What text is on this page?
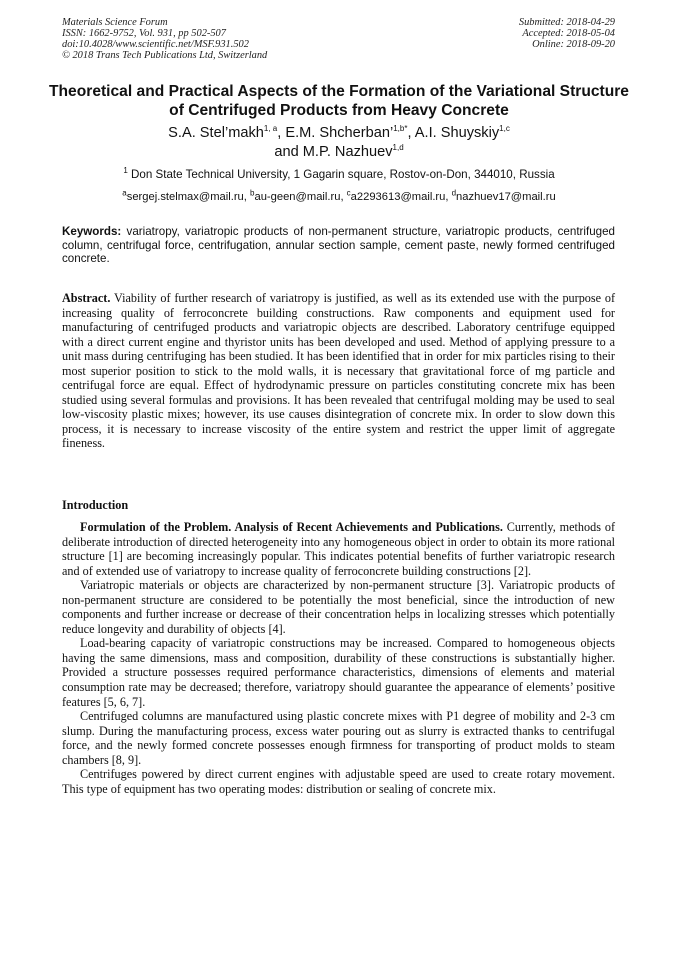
Materials Science Forum
ISSN: 1662-9752, Vol. 931, pp 502-507
doi:10.4028/www.scientific.net/MSF.931.502
© 2018 Trans Tech Publications Ltd, Switzerland
Submitted: 2018-04-29
Accepted: 2018-05-04
Online: 2018-09-20
Theoretical and Practical Aspects of the Formation of the Variational Structure of Centrifuged Products from Heavy Concrete
S.A. Stel’makh$^{1, a}$, E.M. Shcherban’$^{1,b*}$, A.I. Shuyskiy$^{1,c}$
and M.P. Nazhuev$^{1,d}$
$^1$ Don State Technical University, 1 Gagarin square, Rostov-on-Don, 344010, Russia
$^a$sergej.stelmax@mail.ru, $^b$au-geen@mail.ru, $^c$a2293613@mail.ru, $^d$nazhuev17@mail.ru
Keywords: variatropy, variatropic products of non-permanent structure, variatropic products, centrifuged column, centrifugal force, centrifugation, annular section sample, cement paste, newly formed centrifuged concrete.
Abstract. Viability of further research of variatropy is justified, as well as its extended use with the purpose of increasing quality of ferroconcrete building constructions. Raw components and equipment used for manufacturing of centrifuged products and variatropic objects are described. Laboratory centrifuge equipped with a direct current engine and thyristor units has been developed and used. Method of applying pressure to a unit mass during centrifuging has been studied. It has been identified that in order for mix particles rising to their most superior position to stick to the mold walls, it is necessary that gravitational force of mg particle and centrifugal force are equal. Effect of hydrodynamic pressure on particles constituting concrete mix has been studied using several formulas and provisions. It has been revealed that centrifugal molding may be used to seal low-viscosity plastic mixes; however, its use causes disintegration of concrete mix. In order to slow down this process, it is necessary to increase viscosity of the entire system and restrict the upper limit of aggregate fineness.
Introduction

Formulation of the Problem. Analysis of Recent Achievements and Publications. Currently, methods of deliberate introduction of directed heterogeneity into any homogeneous object in order to obtain its more rational structure [1] are becoming increasingly popular. This indicates potential benefits of further variatropic research and of extended use of variatropy to increase quality of ferroconcrete building constructions [2].

Variatropic materials or objects are characterized by non-permanent structure [3]. Variatropic products of non-permanent structure are considered to be potentially the most beneficial, since the introduction of new components and further increase or decrease of their concentration helps in localizing stresses which potentially reduce longevity and durability of objects [4].

Load-bearing capacity of variatropic constructions may be increased. Compared to homogeneous objects having the same dimensions, mass and composition, durability of these constructions is substantially higher. Provided a structure possesses required performance characteristics, dimensions of elements and material consumption rate may be decreased; therefore, variatropy should guarantee the appearance of elements’ positive features [5, 6, 7].

Centrifuged columns are manufactured using plastic concrete mixes with P1 degree of mobility and 2-3 cm slump. During the manufacturing process, excess water pouring out as slurry is extracted thanks to centrifugal force, and the newly formed concrete possesses enough firmness for transporting of product molds to steam chambers [8, 9].

Centrifuges powered by direct current engines with adjustable speed are used to create rotary movement. This type of equipment has two operating modes: distribution or sealing of concrete mix.
